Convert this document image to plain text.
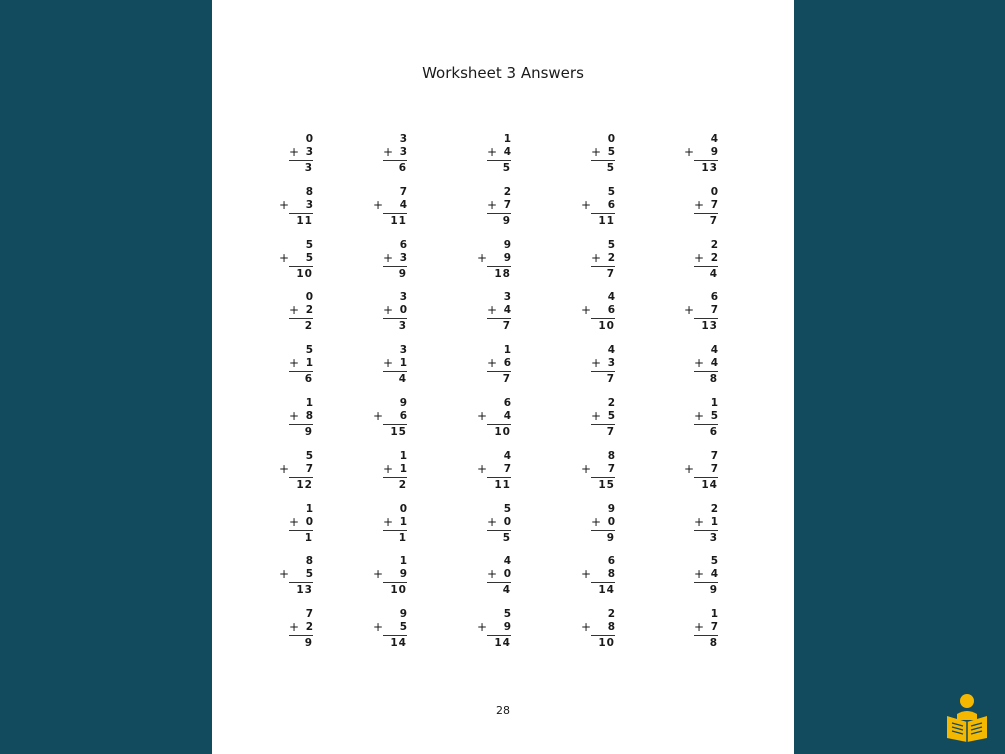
Worksheet 3 Answers
0
+ 3
3
3
+ 3
6
1
+ 4
5
0
+ 5
5
4
+ 9
13
8
+ 3
11
7
+ 4
11
2
+ 7
9
5
+ 6
11
0
+ 7
7
5
+ 5
10
6
+ 3
9
9
+ 9
18
5
+ 2
7
2
+ 2
4
0
+ 2
2
3
+ 0
3
3
+ 4
7
4
+ 6
10
6
+ 7
13
5
+ 1
6
3
+ 1
4
1
+ 6
7
4
+ 3
7
4
+ 4
8
1
+ 8
9
9
+ 6
15
6
+ 4
10
2
+ 5
7
1
+ 5
6
5
+ 7
12
1
+ 1
2
4
+ 7
11
8
+ 7
15
7
+ 7
14
1
+ 0
1
0
+ 1
1
5
+ 0
5
9
+ 0
9
2
+ 1
3
8
+ 5
13
1
+ 9
10
4
+ 0
4
6
+ 8
14
5
+ 4
9
7
+ 2
9
9
+ 5
14
5
+ 9
14
2
+ 8
10
1
+ 7
8
28
